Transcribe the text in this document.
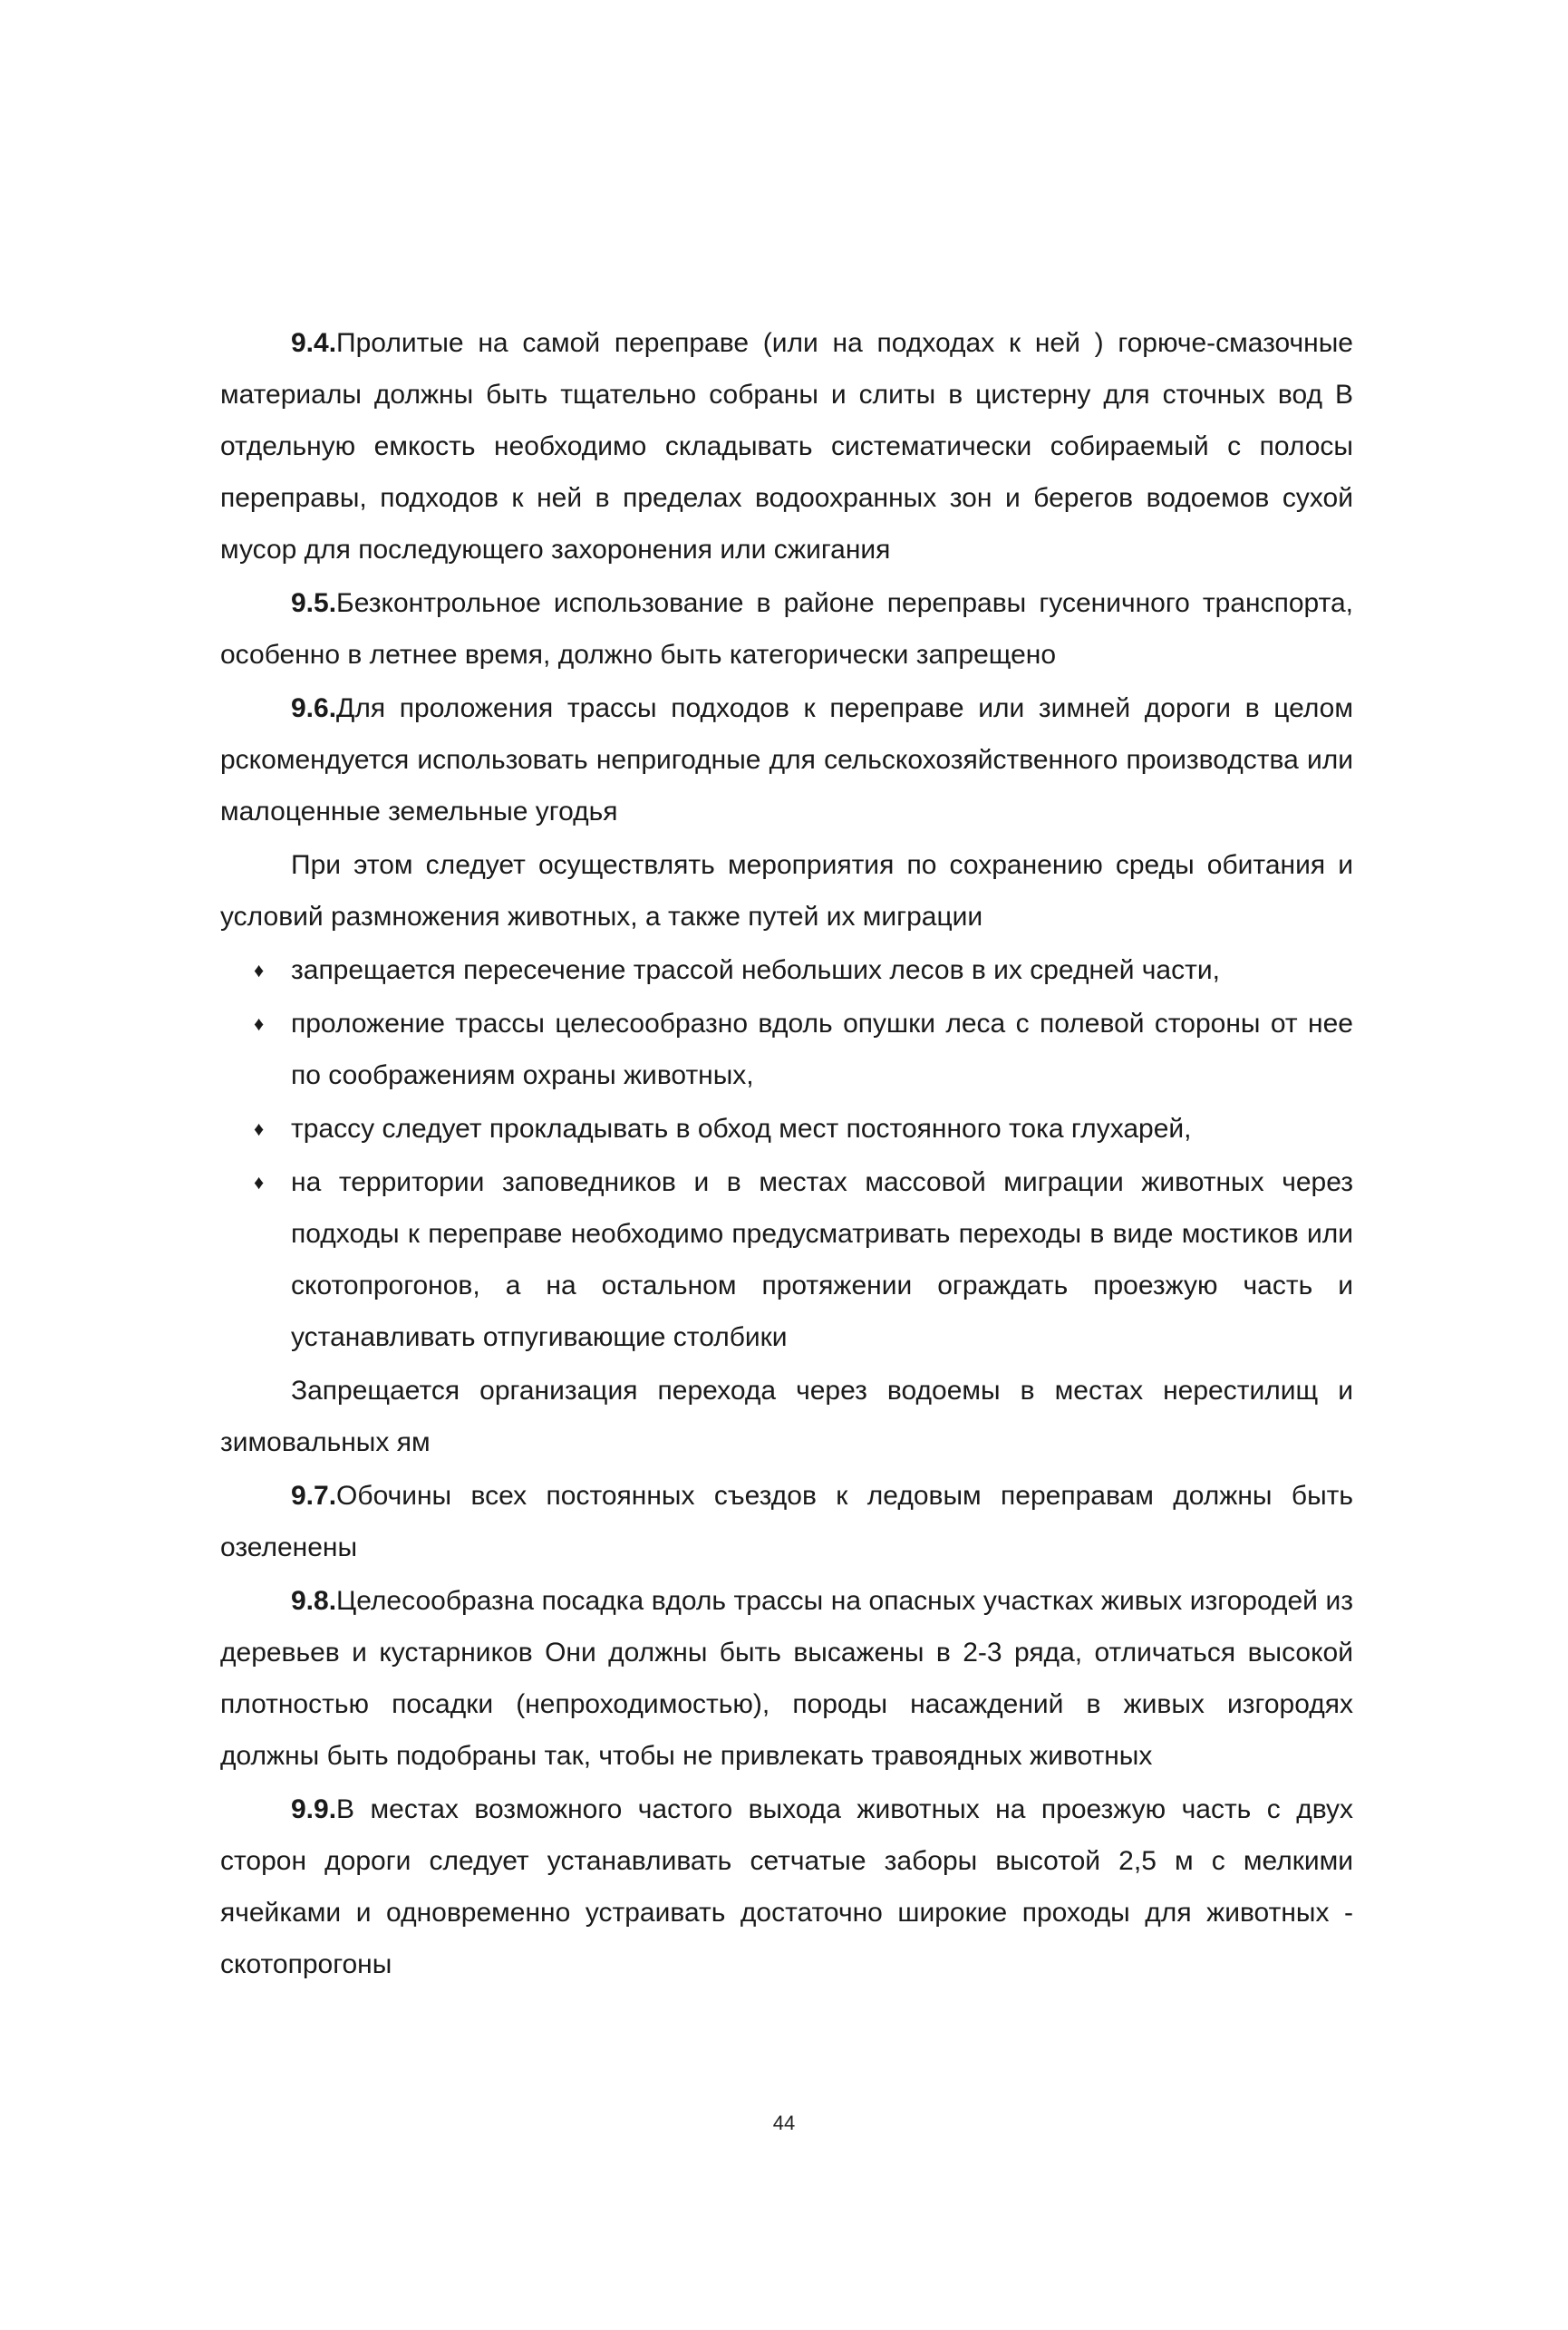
9.4.Пролитые на самой переправе (или на подходах к ней ) горюче-смазочные материалы должны быть тщательно собраны и слиты в цистерну для сточных вод В отдельную емкость необходимо складывать систематически собираемый с полосы переправы, подходов к ней в пределах водоохранных зон и берегов водоемов сухой мусор для последующего захоронения или сжигания

9.5.Безконтрольное использование в районе переправы гусеничного транспорта, особенно в летнее время, должно быть категорически запрещено

9.6.Для проложения трассы подходов к переправе или зимней дороги в целом рскомендуется использовать непригодные для сельскохозяйственного производства или малоценные земельные угодья

При этом следует осуществлять мероприятия по сохранению среды обитания и условий размножения животных, а также путей их миграции

♦ запрещается пересечение трассой небольших лесов в их средней части,
♦ проложение трассы целесообразно вдоль опушки леса с полевой стороны от нее по соображениям охраны животных,
♦ трассу следует прокладывать в обход мест постоянного тока глухарей,
♦ на территории заповедников и в местах массовой миграции животных через подходы к переправе необходимо предусматривать переходы в виде мостиков или скотопрогонов, а на остальном протяжении ограждать проезжую часть и устанавливать отпугивающие столбики

Запрещается организация перехода через водоемы в местах нерестилищ и зимовальных ям

9.7.Обочины всех постоянных съездов к ледовым переправам должны быть озеленены

9.8.Целесообразна посадка вдоль трассы на опасных участках живых изгородей из деревьев и кустарников Они должны быть высажены в 2-3 ряда, отличаться высокой плотностью посадки (непроходимостью), породы насаждений в живых изгородях должны быть подобраны так, чтобы не привлекать травоядных животных

9.9.В местах возможного частого выхода животных на проезжую часть с двух сторон дороги следует устанавливать сетчатые заборы высотой 2,5 м с мелкими ячейками и одновременно устраивать достаточно широкие проходы для животных - скотопрогоны

44
